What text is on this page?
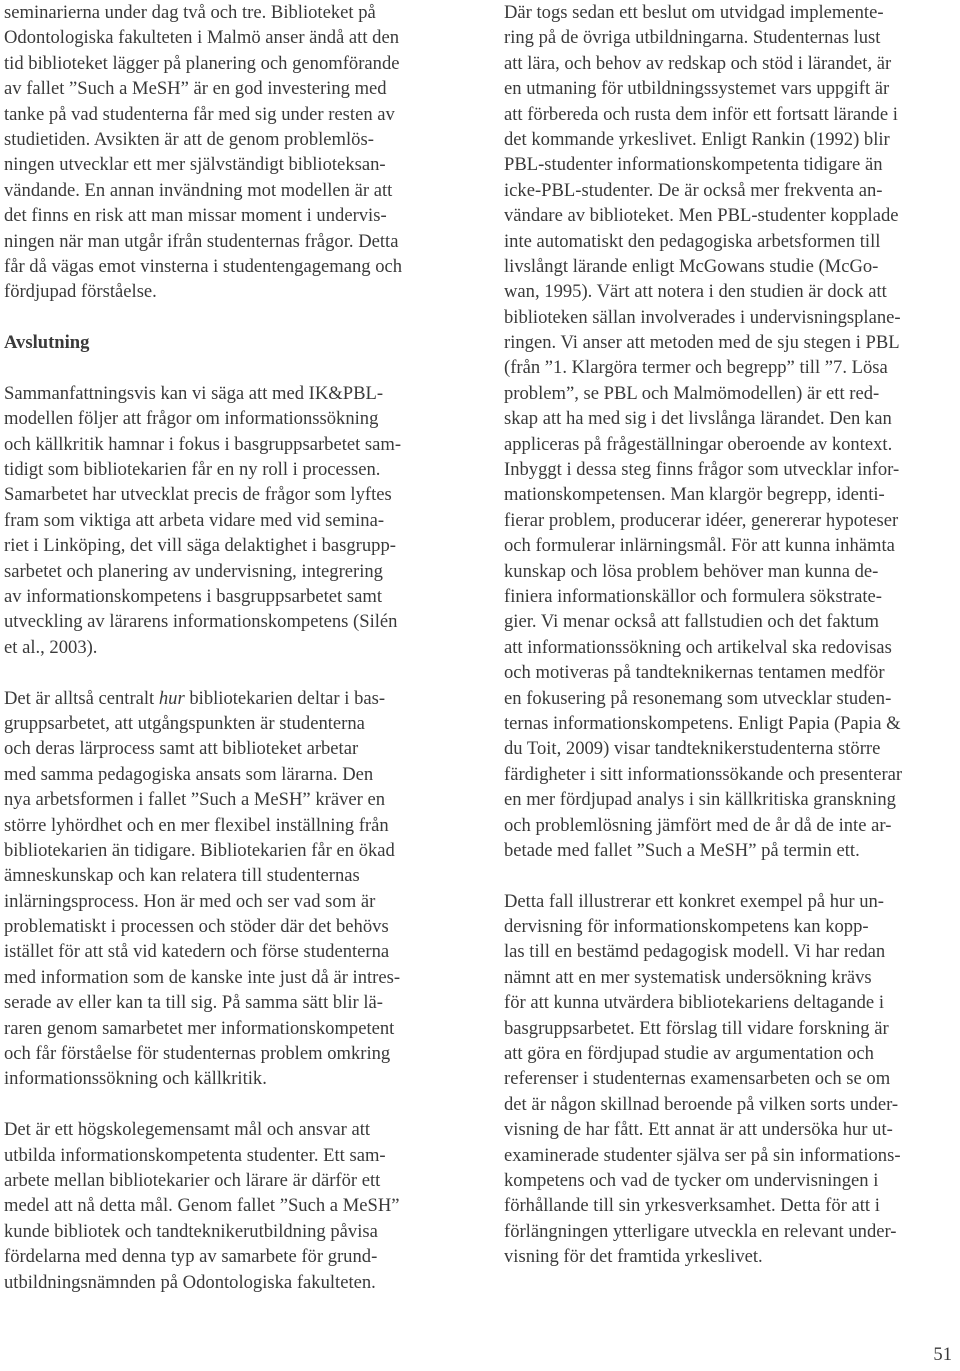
seminarierna under dag två och tre. Biblioteket på
Odontologiska fakulteten i Malmö anser ändå att den
tid biblioteket lägger på planering och genomförande
av fallet ”Such a MeSH” är en god investering med
tanke på vad studenterna får med sig under resten av
studietiden. Avsikten är att de genom problemlös-
ningen utvecklar ett mer självständigt biblioteksan-
vändande. En annan invändning mot modellen är att
det finns en risk att man missar moment i undervis-
ningen när man utgår ifrån studenternas frågor. Detta
får då vägas emot vinsterna i studentengagemang och
fördjupad förståelse.
Avslutning
Sammanfattningsvis kan vi säga att med IK&PBL-
modellen följer att frågor om informationssökning
och källkritik hamnar i fokus i basgruppsarbetet sam-
tidigt som bibliotekarien får en ny roll i processen.
Samarbetet har utvecklat precis de frågor som lyftes
fram som viktiga att arbeta vidare med vid semina-
riet i Linköping, det vill säga delaktighet i basgrupp-
sarbetet och planering av undervisning, integrering
av informationskompetens i basgruppsarbetet samt
utveckling av lärarens informationskompetens (Silén
et al., 2003).
Det är alltså centralt hur bibliotekarien deltar i bas-
gruppsarbetet, att utgångspunkten är studenterna
och deras lärprocess samt att biblioteket arbetar
med samma pedagogiska ansats som lärarna. Den
nya arbetsformen i fallet ”Such a MeSH” kräver en
större lyhördhet och en mer flexibel inställning från
bibliotekarien än tidigare. Bibliotekarien får en ökad
ämneskunskap och kan relatera till studenternas
inlärningsprocess. Hon är med och ser vad som är
problematiskt i processen och stöder där det behövs
istället för att stå vid katedern och förse studenterna
med information som de kanske inte just då är intres-
serade av eller kan ta till sig. På samma sätt blir lä-
raren genom samarbetet mer informationskompetent
och får förståelse för studenternas problem omkring
informationssökning och källkritik.
Det är ett högskolegemensamt mål och ansvar att
utbilda informationskompetenta studenter. Ett sam-
arbete mellan bibliotekarier och lärare är därför ett
medel att nå detta mål. Genom fallet ”Such a MeSH”
kunde bibliotek och tandteknikerutbildning påvisa
fördelarna med denna typ av samarbete för grund-
utbildningsnämnden på Odontologiska fakulteten.
Där togs sedan ett beslut om utvidgad implemente-
ring på de övriga utbildningarna. Studenternas lust
att lära, och behov av redskap och stöd i lärandet, är
en utmaning för utbildningssystemet vars uppgift är
att förbereda och rusta dem inför ett fortsatt lärande i
det kommande yrkeslivet. Enligt Rankin (1992) blir
PBL-studenter informationskompetenta tidigare än
icke-PBL-studenter. De är också mer frekventa an-
vändare av biblioteket. Men PBL-studenter kopplade
inte automatiskt den pedagogiska arbetsformen till
livslångt lärande enligt McGowans studie (McGo-
wan, 1995). Värt att notera i den studien är dock att
biblioteken sällan involverades i undervisningsplane-
ringen. Vi anser att metoden med de sju stegen i PBL
(från ”1. Klargöra termer och begrepp” till ”7. Lösa
problem”, se PBL och Malmömodellen) är ett red-
skap att ha med sig i det livslånga lärandet. Den kan
appliceras på frågeställningar oberoende av kontext.
Inbyggt i dessa steg finns frågor som utvecklar infor-
mationskompetensen. Man klargör begrepp, identi-
fierar problem, producerar idéer, genererar hypoteser
och formulerar inlärningsmål. För att kunna inhämta
kunskap och lösa problem behöver man kunna de-
finiera informationskällor och formulera sökstrate-
gier. Vi menar också att fallstudien och det faktum
att informationssökning och artikelval ska redovisas
och motiveras på tandteknikernas tentamen medför
en fokusering på resonemang som utvecklar studen-
ternas informationskompetens. Enligt Papia (Papia &
du Toit, 2009) visar tandteknikerstudenterna större
färdigheter i sitt informationssökande och presenterar
en mer fördjupad analys i sin källkritiska granskning
och problemlösning jämfört med de år då de inte ar-
betade med fallet ”Such a MeSH” på termin ett.
Detta fall illustrerar ett konkret exempel på hur un-
dervisning för informationskompetens kan kopp-
las till en bestämd pedagogisk modell. Vi har redan
nämnt att en mer systematisk undersökning krävs
för att kunna utvärdera bibliotekariens deltagande i
basgruppsarbetet. Ett förslag till vidare forskning är
att göra en fördjupad studie av argumentation och
referenser i studenternas examensarbeten och se om
det är någon skillnad beroende på vilken sorts under-
visning de har fått. Ett annat är att undersöka hur ut-
examinerade studenter själva ser på sin informations-
kompetens och vad de tycker om undervisningen i
förhållande till sin yrkesverksamhet. Detta för att i
förlängningen ytterligare utveckla en relevant under-
visning för det framtida yrkeslivet.
51
